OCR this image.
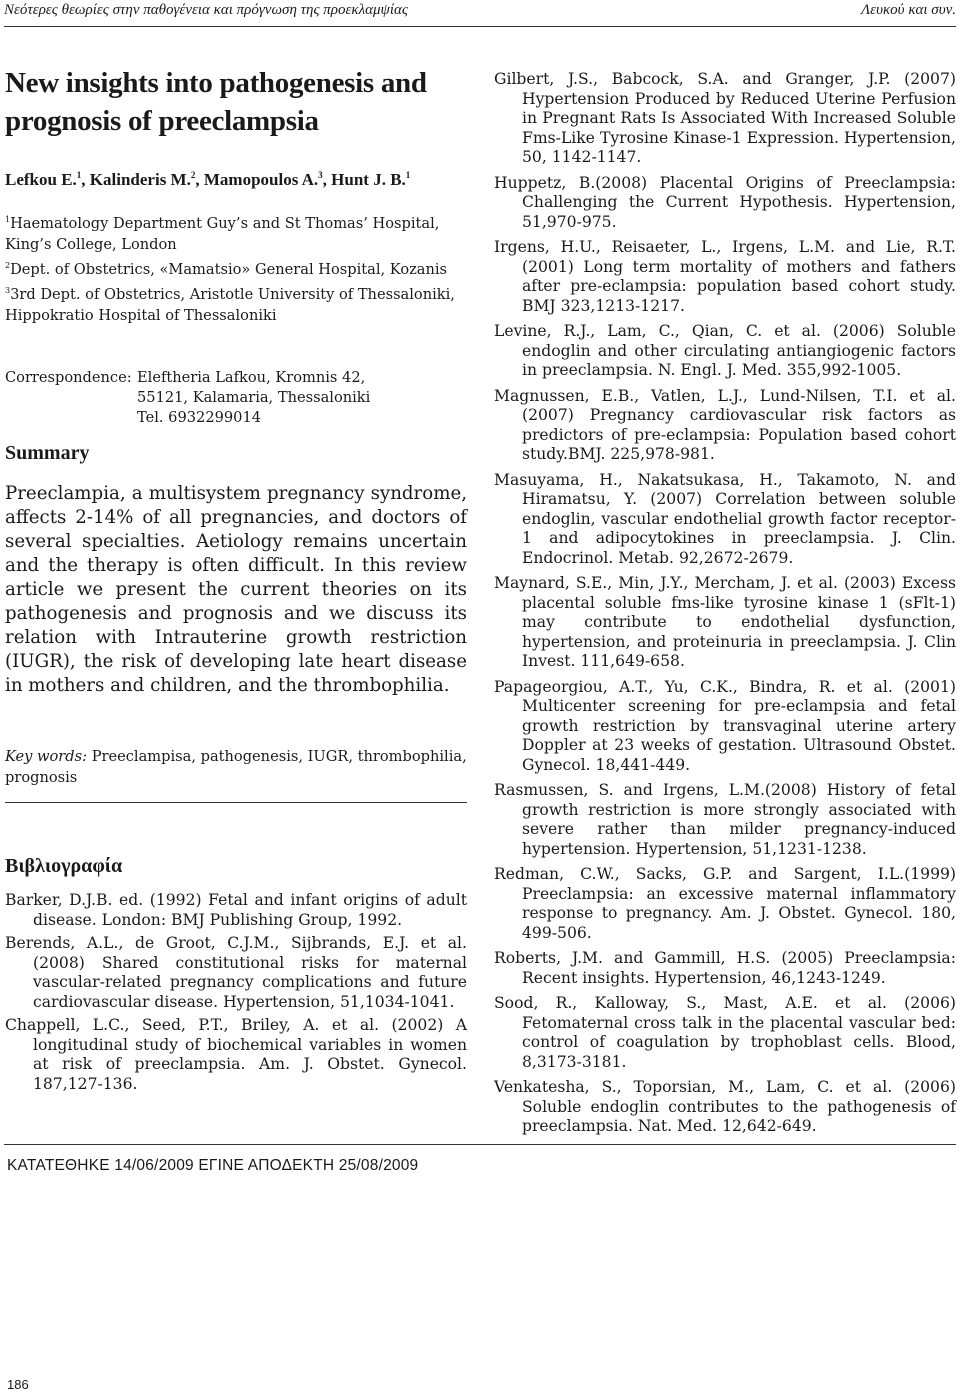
Νεότερες θεωρίες στην παθογένεια και πρόγνωση της προεκλαμψίας	Λευκού και συν.
New insights into pathogenesis and prognosis of preeclampsia
Lefkou E.$^1$, Kalinderis M.$^2$, Mamopoulos A.$^3$, Hunt J. B.$^1$
$^1$Haematology Department Guy’s and St Thomas’ Hospital, King’s College, London
$^2$Dept. of Obstetrics, «Mamatsio» General Hospital, Kozanis
$^3$3rd Dept. of Obstetrics, Aristotle University of Thessaloniki, Hippokratio Hospital of Thessaloniki
Correspondence: Eleftheria Lafkou, Kromnis 42,
55121, Kalamaria, Thessaloniki
Tel. 6932299014
Summary
Preeclampia, a multisystem pregnancy syndrome, affects 2-14% of all pregnancies, and doctors of several specialties. Aetiology remains uncertain and the therapy is often difficult. In this review article we present the current theories on its pathogenesis and prognosis and we discuss its relation with Intrauterine growth restriction (IUGR), the risk of developing late heart disease in mothers and children, and the thrombophilia.
Key words: Preeclampisa, pathogenesis, IUGR, thrombophilia, prognosis
Βιβλιογραφία

Barker, D.J.B. ed. (1992) Fetal and infant origins of adult disease. London: BMJ Publishing Group, 1992.

Berends, A.L., de Groot, C.J.M., Sijbrands, E.J. et al. (2008) Shared constitutional risks for maternal vascular-related pregnancy complications and future cardiovascular disease. Hypertension, 51,1034-1041.

Chappell, L.C., Seed, P.T., Briley, A. et al. (2002) A longitudinal study of biochemical variables in women at risk of preeclampsia. Am. J. Obstet. Gynecol. 187,127-136.

Gilbert, J.S., Babcock, S.A. and Granger, J.P. (2007) Hypertension Produced by Reduced Uterine Perfusion in Pregnant Rats Is Associated With Increased Soluble Fms-Like Tyrosine Kinase-1 Expression. Hypertension, 50, 1142-1147.

Huppetz, B.(2008) Placental Origins of Preeclampsia: Challenging the Current Hypothesis. Hypertension, 51,970-975.

Irgens, H.U., Reisaeter, L., Irgens, L.M. and Lie, R.T.(2001) Long term mortality of mothers and fathers after pre-eclampsia: population based cohort study. BMJ 323,1213-1217.

Levine, R.J., Lam, C., Qian, C. et al. (2006) Soluble endoglin and other circulating antiangiogenic factors in preeclampsia. N. Engl. J. Med. 355,992-1005.

Magnussen, E.B., Vatlen, L.J., Lund-Nilsen, T.I. et al. (2007) Pregnancy cardiovascular risk factors as predictors of pre-eclampsia: Population based cohort study.BMJ. 225,978-981.

Masuyama, H., Nakatsukasa, H., Takamoto, N. and Hiramatsu, Y. (2007) Correlation between soluble endoglin, vascular endothelial growth factor receptor-1 and adipocytokines in preeclampsia. J. Clin. Endocrinol. Metab. 92,2672-2679.

Maynard, S.E., Min, J.Y., Mercham, J. et al. (2003) Excess placental soluble fms-like tyrosine kinase 1 (sFlt-1) may contribute to endothelial dysfunction, hypertension, and proteinuria in preeclampsia. J. Clin Invest. 111,649-658.

Papageorgiou, A.T., Yu, C.K., Bindra, R. et al. (2001) Multicenter screening for pre-eclampsia and fetal growth restriction by transvaginal uterine artery Doppler at 23 weeks of gestation. Ultrasound Obstet. Gynecol. 18,441-449.

Rasmussen, S. and Irgens, L.M.(2008) History of fetal growth restriction is more strongly associated with severe rather than milder pregnancy-induced hypertension. Hypertension, 51,1231-1238.

Redman, C.W., Sacks, G.P. and Sargent, I.L.(1999) Preeclampsia: an excessive maternal inflammatory response to pregnancy. Am. J. Obstet. Gynecol. 180, 499-506.

Roberts, J.M. and Gammill, H.S. (2005) Preeclampsia: Recent insights. Hypertension, 46,1243-1249.

Sood, R., Kalloway, S., Mast, A.E. et al. (2006) Fetomaternal cross talk in the placental vascular bed: control of coagulation by trophoblast cells. Blood, 8,3173-3181.

Venkatesha, S., Toporsian, M., Lam, C. et al. (2006) Soluble endoglin contributes to the pathogenesis of preeclampsia. Nat. Med. 12,642-649.

ΚΑΤΑΤΕΘΗΚΕ 14/06/2009 ΕΓΙΝΕ ΑΠΟΔΕΚΤΗ 25/08/2009
186
